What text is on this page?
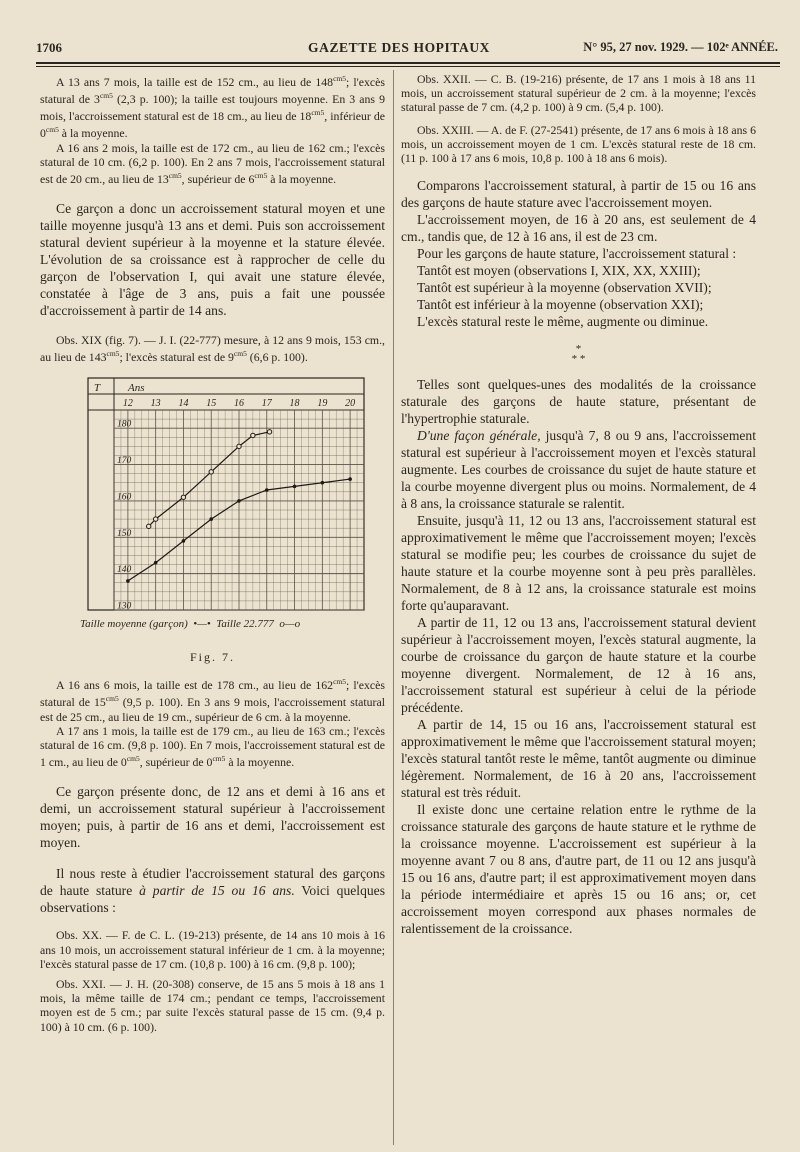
1706	GAZETTE DES HOPITAUX	N° 95, 27 nov. 1929. — 102ᵉ ANNÉE.

A 13 ans 7 mois, la taille est de 152 cm., au lieu de $148^{cm5}$; l'excès statural de $3^{cm5}$ (2,3 p. 100); la taille est toujours moyenne. En 3 ans 9 mois, l'accroissement statural est de 18 cm., au lieu de $18^{cm5}$, inférieur de $0^{cm5}$ à la moyenne.

A 16 ans 2 mois, la taille est de 172 cm., au lieu de 162 cm.; l'excès statural de 10 cm. (6,2 p. 100). En 2 ans 7 mois, l'accroissement statural est de 20 cm., au lieu de $13^{cm5}$, supérieur de $6^{cm5}$ à la moyenne.

Ce garçon a donc un accroissement statural moyen et une taille moyenne jusqu'à 13 ans et demi. Puis son accroissement statural devient supérieur à la moyenne et la stature élevée. L'évolution de sa croissance est à rapprocher de celle du garçon de l'observation I, qui avait une stature élevée, constatée à l'âge de 3 ans, puis a fait une poussée d'accroissement à partir de 14 ans.

Obs. XIX (fig. 7). — J. I. (22-777) mesure, à 12 ans 9 mois, 153 cm., au lieu de $143^{cm5}$; l'excès statural est de $9^{cm5}$ (6,6 p. 100).

T	Ans
12 13 14 15 16 17 18 19 20
180
170
160
150
140
130
Taille moyenne (garçon)  •—•  Taille 22.777  o—o

Fig. 7.

A 16 ans 6 mois, la taille est de 178 cm., au lieu de $162^{cm5}$; l'excès statural de $15^{cm5}$ (9,5 p. 100). En 3 ans 9 mois, l'accroissement statural est de 25 cm., au lieu de 19 cm., supérieur de 6 cm. à la moyenne.

A 17 ans 1 mois, la taille est de 179 cm., au lieu de 163 cm.; l'excès statural de 16 cm. (9,8 p. 100). En 7 mois, l'accroissement statural est de 1 cm., au lieu de $0^{cm5}$, supérieur de $0^{cm5}$ à la moyenne.

Ce garçon présente donc, de 12 ans et demi à 16 ans et demi, un accroissement statural supérieur à l'accroissement moyen; puis, à partir de 16 ans et demi, l'accroissement est moyen.

Il nous reste à étudier l'accroissement statural des garçons de haute stature à partir de 15 ou 16 ans. Voici quelques observations :

Obs. XX. — F. de C. L. (19-213) présente, de 14 ans 10 mois à 16 ans 10 mois, un accroissement statural inférieur de 1 cm. à la moyenne; l'excès statural passe de 17 cm. (10,8 p. 100) à 16 cm. (9,8 p. 100);

Obs. XXI. — J. H. (20-308) conserve, de 15 ans 5 mois à 18 ans 1 mois, la même taille de 174 cm.; pendant ce temps, l'accroissement moyen est de 5 cm.; par suite l'excès statural passe de 15 cm. (9,4 p. 100) à 10 cm. (6 p. 100).

Obs. XXII. — C. B. (19-216) présente, de 17 ans 1 mois à 18 ans 11 mois, un accroissement statural supérieur de 2 cm. à la moyenne; l'excès statural passe de 7 cm. (4,2 p. 100) à 9 cm. (5,4 p. 100).

Obs. XXIII. — A. de F. (27-2541) présente, de 17 ans 6 mois à 18 ans 6 mois, un accroissement moyen de 1 cm. L'excès statural reste de 18 cm. (11 p. 100 à 17 ans 6 mois, 10,8 p. 100 à 18 ans 6 mois).

Comparons l'accroissement statural, à partir de 15 ou 16 ans des garçons de haute stature avec l'accroissement moyen.

L'accroissement moyen, de 16 à 20 ans, est seulement de 4 cm., tandis que, de 12 à 16 ans, il est de 23 cm.

Pour les garçons de haute stature, l'accroissement statural :

Tantôt est moyen (observations I, XIX, XX, XXIII);

Tantôt est supérieur à la moyenne (observation XVII);

Tantôt est inférieur à la moyenne (observation XXI);

L'excès statural reste le même, augmente ou diminue.

*
* *

Telles sont quelques-unes des modalités de la croissance staturale des garçons de haute stature, présentant de l'hypertrophie staturale.

D'une façon générale, jusqu'à 7, 8 ou 9 ans, l'accroissement statural est supérieur à l'accroissement moyen et l'excès statural augmente. Les courbes de croissance du sujet de haute stature et la courbe moyenne divergent plus ou moins. Normalement, de 4 à 8 ans, la croissance staturale se ralentit.

Ensuite, jusqu'à 11, 12 ou 13 ans, l'accroissement statural est approximativement le même que l'accroissement moyen; l'excès statural se modifie peu; les courbes de croissance du sujet de haute stature et la courbe moyenne sont à peu près parallèles. Normalement, de 8 à 12 ans, la croissance staturale est moins forte qu'auparavant.

A partir de 11, 12 ou 13 ans, l'accroissement statural devient supérieur à l'accroissement moyen, l'excès statural augmente, la courbe de croissance du garçon de haute stature et la courbe moyenne divergent. Normalement, de 12 à 16 ans, l'accroissement statural est supérieur à celui de la période précédente.

A partir de 14, 15 ou 16 ans, l'accroissement statural est approximativement le même que l'accroissement statural moyen; l'excès statural tantôt reste le même, tantôt augmente ou diminue légèrement. Normalement, de 16 à 20 ans, l'accroissement statural est très réduit.

Il existe donc une certaine relation entre le rythme de la croissance staturale des garçons de haute stature et le rythme de la croissance moyenne. L'accroissement est supérieur à la moyenne avant 7 ou 8 ans, d'autre part, de 11 ou 12 ans jusqu'à 15 ou 16 ans, d'autre part; il est approximativement moyen dans la période intermédiaire et après 15 ou 16 ans; or, cet accroissement moyen correspond aux phases normales de ralentissement de la croissance.
